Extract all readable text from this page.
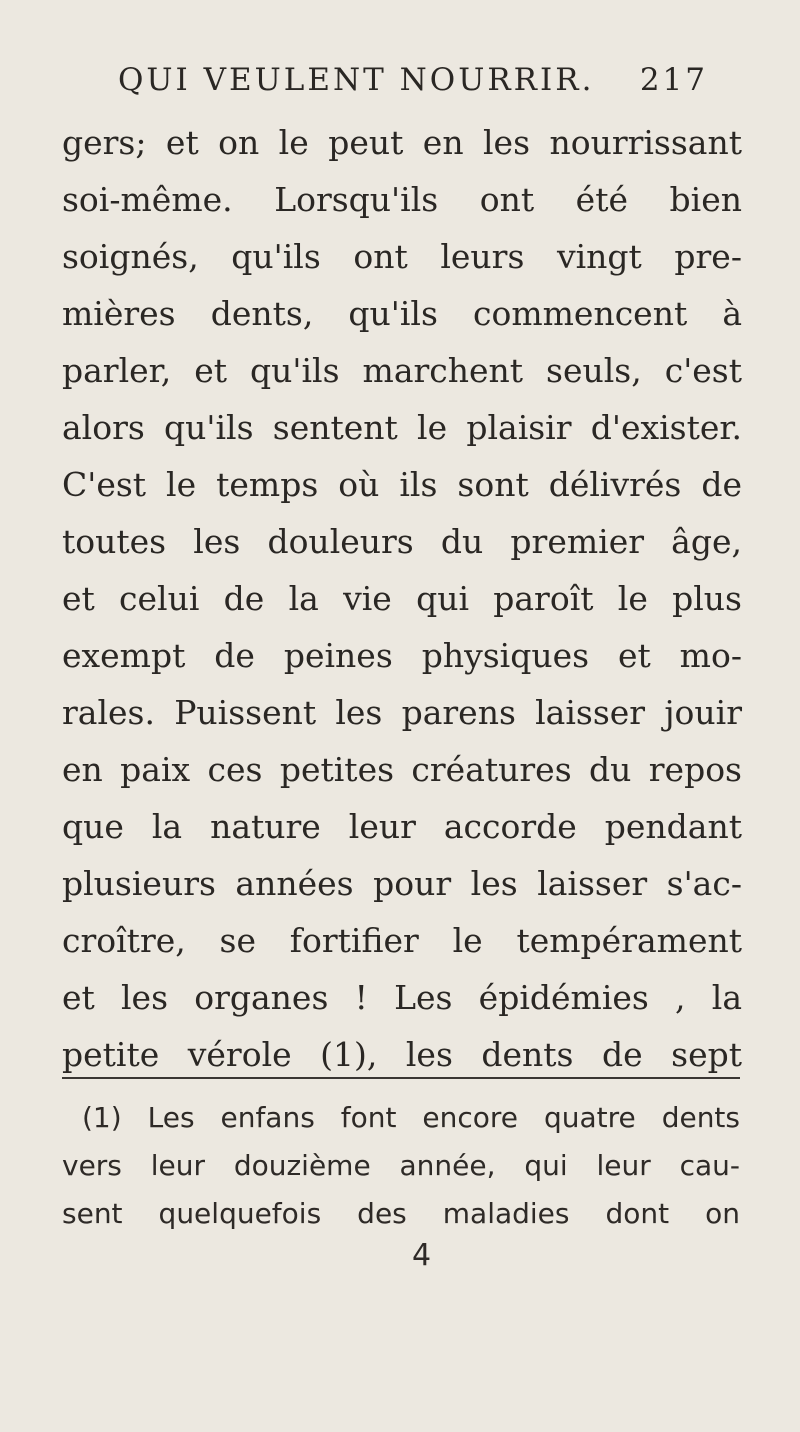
QUI VEULENT NOURRIR. 217
gers; et on le peut en les nourrissant
soi-même. Lorsqu'ils ont été bien
soignés, qu'ils ont leurs vingt pre-
mières dents, qu'ils commencent à
parler, et qu'ils marchent seuls, c'est
alors qu'ils sentent le plaisir d'exister.
C'est le temps où ils sont délivrés de
toutes les douleurs du premier âge,
et celui de la vie qui paroît le plus
exempt de peines physiques et mo-
rales. Puissent les parens laisser jouir
en paix ces petites créatures du repos
que la nature leur accorde pendant
plusieurs années pour les laisser s'ac-
croître, se fortifier le tempérament
et les organes ! Les épidémies , la
petite vérole (1), les dents de sept
(1) Les enfans font encore quatre dents
vers leur douzième année, qui leur cau-
sent quelquefois des maladies dont on
4
